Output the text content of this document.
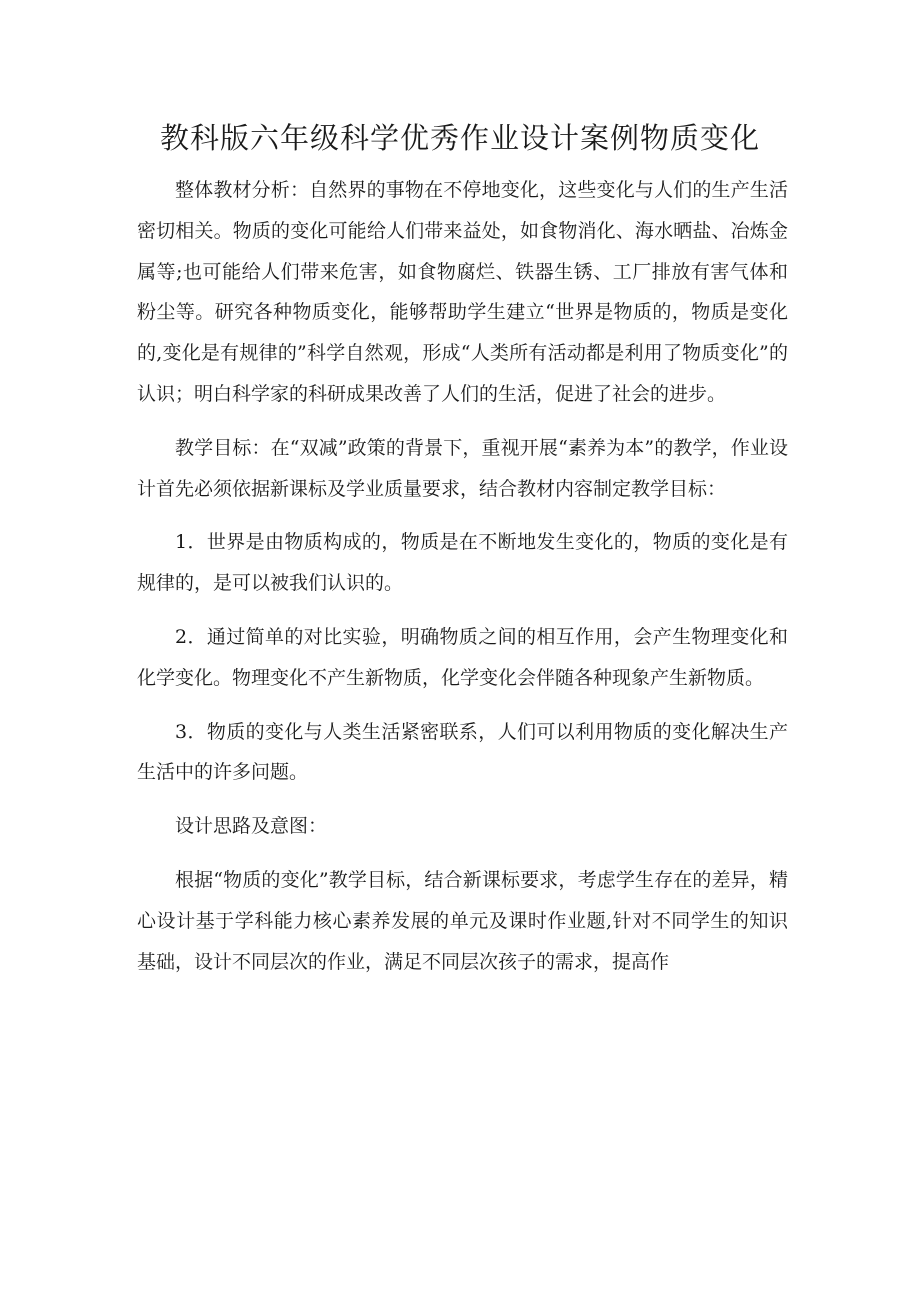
教科版六年级科学优秀作业设计案例物质变化

整体教材分析：自然界的事物在不停地变化，这些变化与人们的生产生活密切相关。物质的变化可能给人们带来益处，如食物消化、海水晒盐、冶炼金属等;也可能给人们带来危害，如食物腐烂、铁器生锈、工厂排放有害气体和粉尘等。研究各种物质变化，能够帮助学生建立“世界是物质的，物质是变化的,变化是有规律的”科学自然观，形成“人类所有活动都是利用了物质变化”的认识；明白科学家的科研成果改善了人们的生活，促进了社会的进步。

教学目标：在“双减”政策的背景下，重视开展“素养为本”的教学，作业设计首先必须依据新课标及学业质量要求，结合教材内容制定教学目标：

1．世界是由物质构成的，物质是在不断地发生变化的，物质的变化是有规律的，是可以被我们认识的。

2．通过简单的对比实验，明确物质之间的相互作用，会产生物理变化和化学变化。物理变化不产生新物质，化学变化会伴随各种现象产生新物质。

3．物质的变化与人类生活紧密联系，人们可以利用物质的变化解决生产生活中的许多问题。

设计思路及意图：

根据“物质的变化”教学目标，结合新课标要求，考虑学生存在的差异，精心设计基于学科能力核心素养发展的单元及课时作业题,针对不同学生的知识基础，设计不同层次的作业，满足不同层次孩子的需求，提高作
